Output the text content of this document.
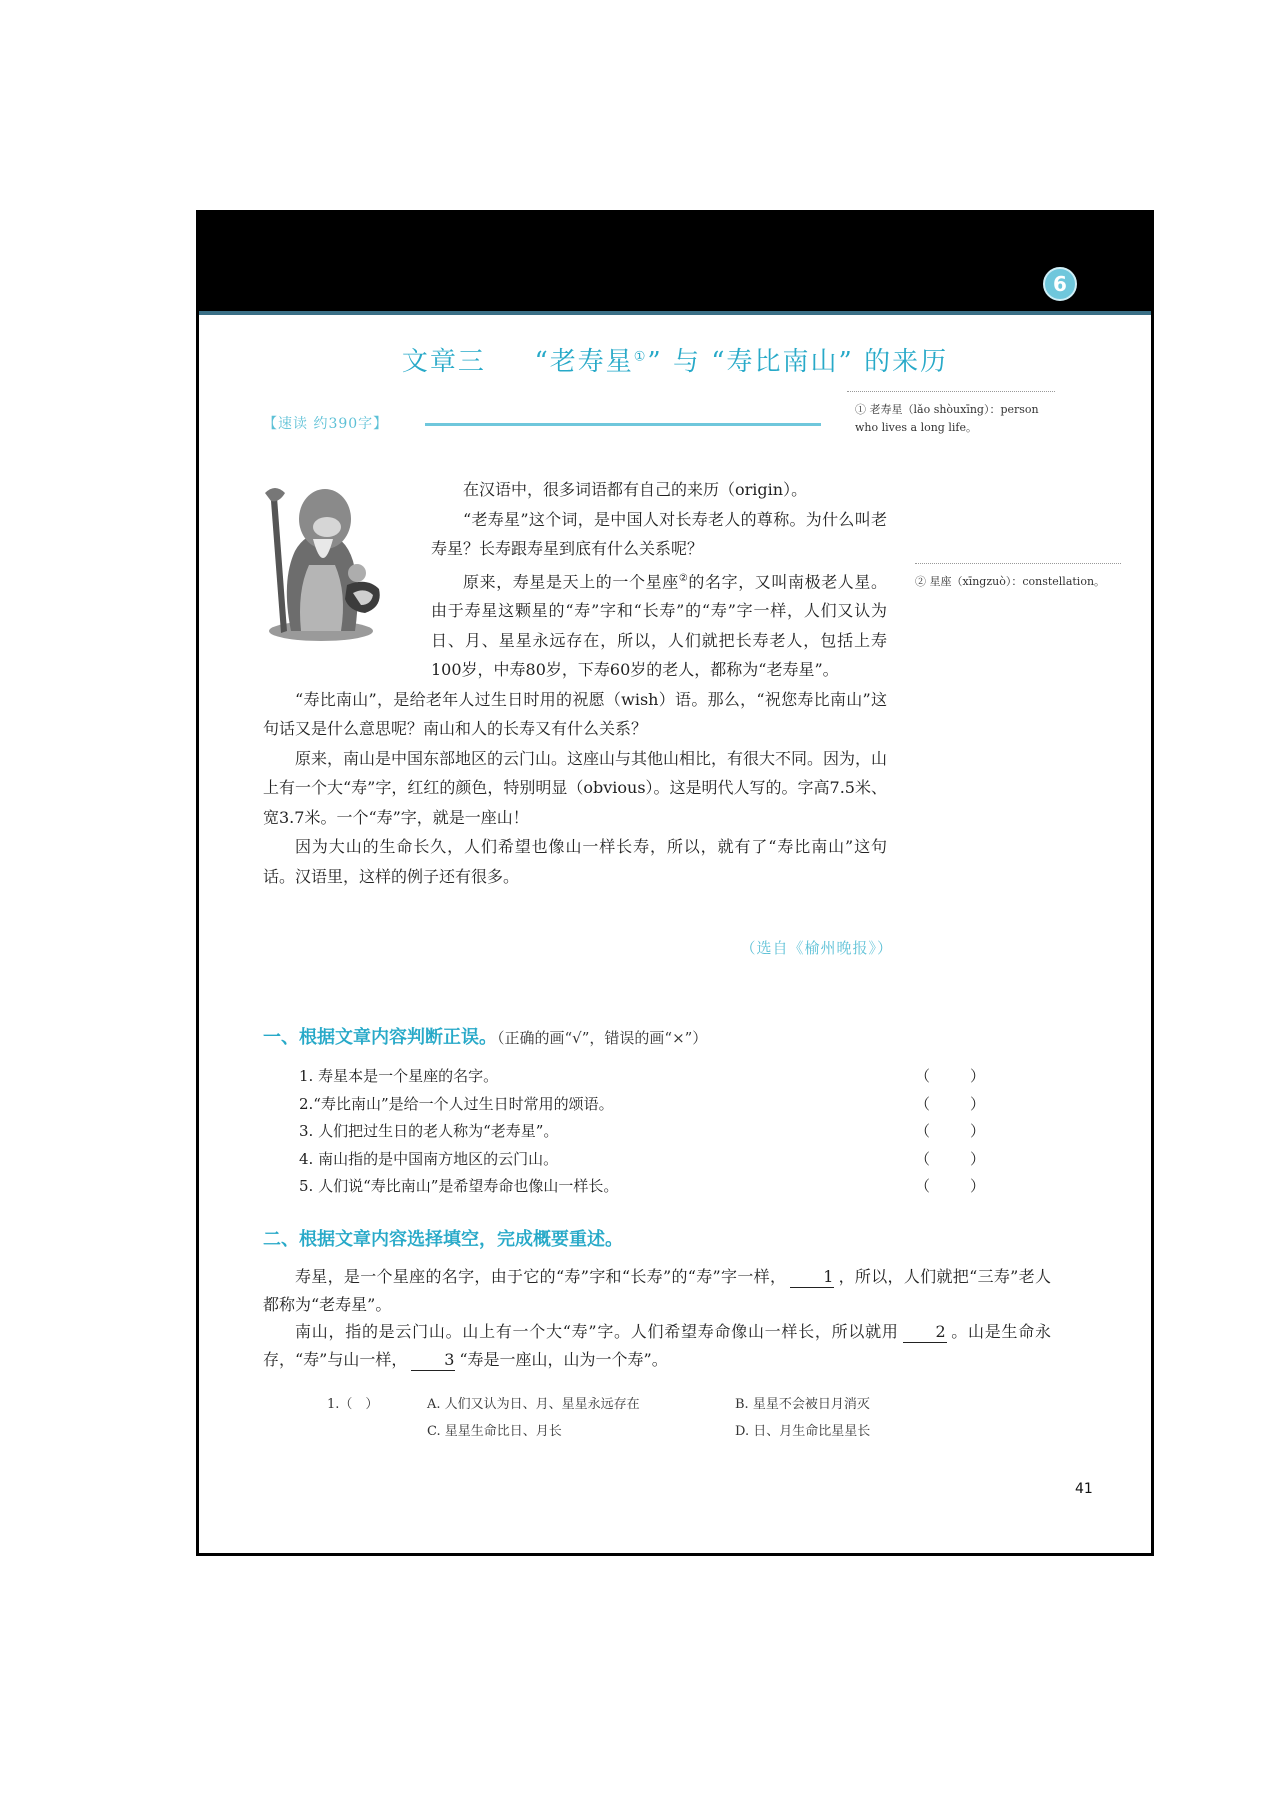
6
文章三   “老寿星①” 与 “寿比南山” 的来历
① 老寿星（lǎo shòuxīng）：person who lives a long life。
【速读 约390字】
② 星座（xīngzuò）：constellation。

在汉语中，很多词语都有自己的来历（origin）。

“老寿星”这个词，是中国人对长寿老人的尊称。为什么叫老寿星？长寿跟寿星到底有什么关系呢？

原来，寿星是天上的一个星座②的名字，又叫南极老人星。由于寿星这颗星的“寿”字和“长寿”的“寿”字一样，人们又认为日、月、星星永远存在，所以，人们就把长寿老人，包括上寿100岁，中寿80岁，下寿60岁的老人，都称为“老寿星”。

“寿比南山”，是给老年人过生日时用的祝愿（wish）语。那么，“祝您寿比南山”这句话又是什么意思呢？南山和人的长寿又有什么关系？

原来，南山是中国东部地区的云门山。这座山与其他山相比，有很大不同。因为，山上有一个大“寿”字，红红的颜色，特别明显（obvious）。这是明代人写的。字高7.5米、宽3.7米。一个“寿”字，就是一座山！

因为大山的生命长久，人们希望也像山一样长寿，所以，就有了“寿比南山”这句话。汉语里，这样的例子还有很多。

（选自《榆州晚报》）
一、根据文章内容判断正误。（正确的画“√”，错误的画“×”）
1. 寿星本是一个星座的名字。	（	）
2.“寿比南山”是给一个人过生日时常用的颂语。	（	）
3. 人们把过生日的老人称为“老寿星”。	（	）
4. 南山指的是中国南方地区的云门山。	（	）
5. 人们说“寿比南山”是希望寿命也像山一样长。	（	）
二、根据文章内容选择填空，完成概要重述。

寿星，是一个星座的名字，由于它的“寿”字和“长寿”的“寿”字一样， 1 ，所以，人们就把“三寿”老人都称为“老寿星”。

南山，指的是云门山。山上有一个大“寿”字。人们希望寿命像山一样长，所以就用 2 。山是生命永存，“寿”与山一样， 3 “寿是一座山，山为一个寿”。

1.（　）	A. 人们又认为日、月、星星永远存在	B. 星星不会被日月消灭
C. 星星生命比日、月长	D. 日、月生命比星星长
41
